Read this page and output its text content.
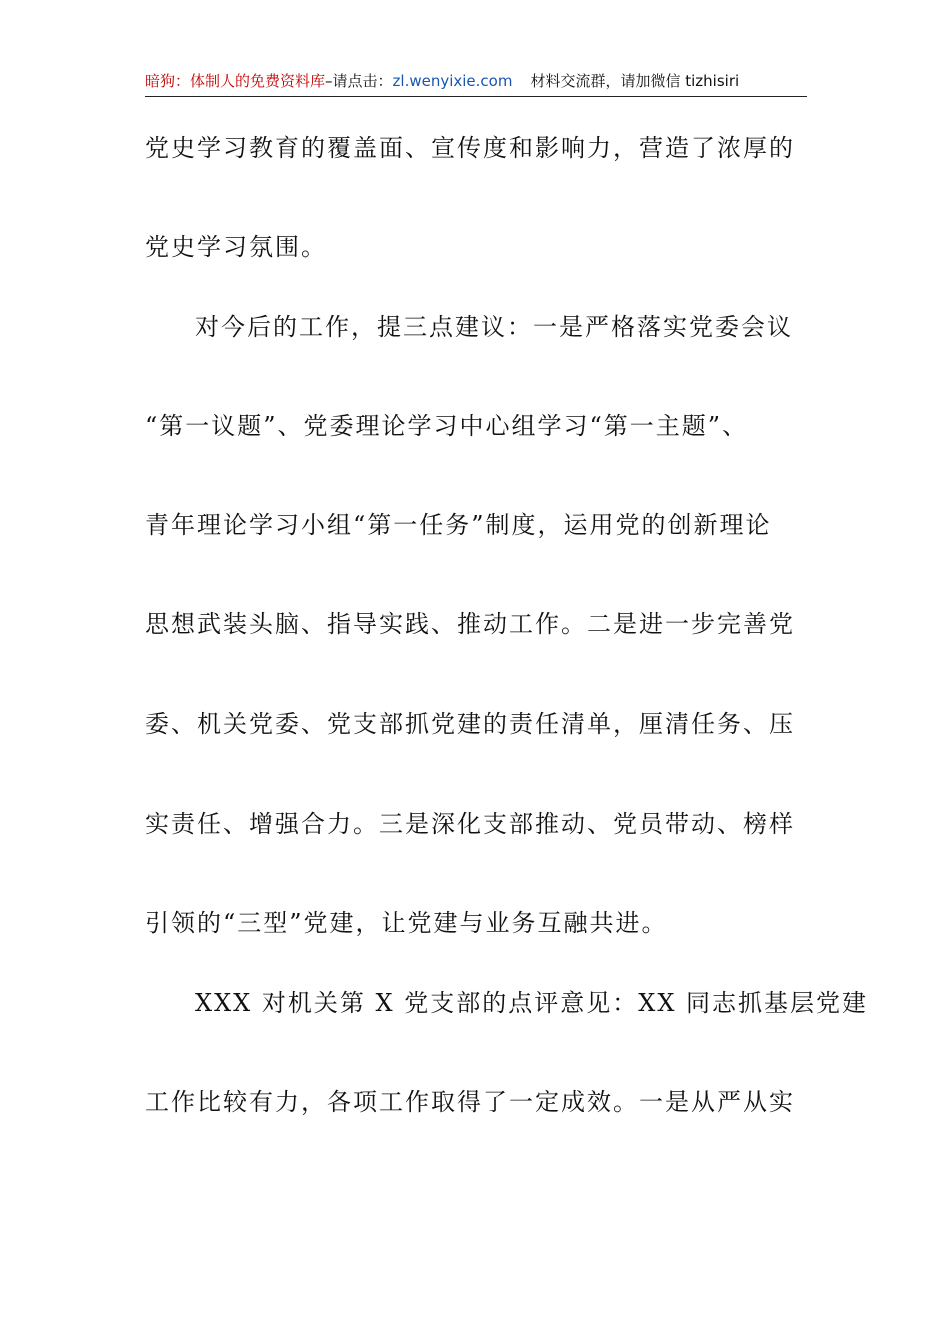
暗狗：体制人的免费资料库–请点击：zl.wenyixie.com 材料交流群，请加微信 tizhisiri
党史学习教育的覆盖面、宣传度和影响力，营造了浓厚的
党史学习氛围。
对今后的工作，提三点建议：一是严格落实党委会议
“第一议题”、党委理论学习中心组学习“第一主题”、
青年理论学习小组“第一任务”制度，运用党的创新理论
思想武装头脑、指导实践、推动工作。二是进一步完善党
委、机关党委、党支部抓党建的责任清单，厘清任务、压
实责任、增强合力。三是深化支部推动、党员带动、榜样
引领的“三型”党建，让党建与业务互融共进。
XXX 对机关第 X 党支部的点评意见：XX 同志抓基层党建
工作比较有力，各项工作取得了一定成效。一是从严从实
